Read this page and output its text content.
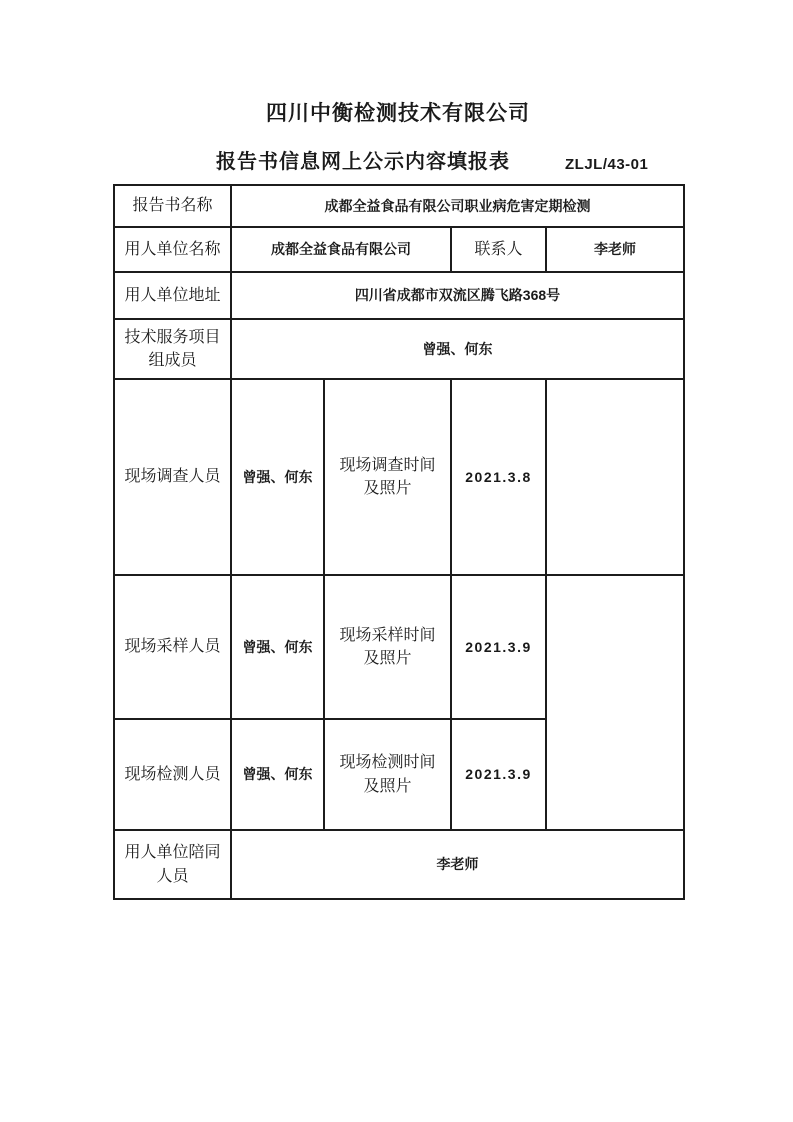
四川中衡检测技术有限公司
报告书信息网上公示内容填报表	ZLJL/43-01
报告书名称	成都全益食品有限公司职业病危害定期检测			
用人单位名称	成都全益食品有限公司		联系人	李老师
用人单位地址	四川省成都市双流区腾飞路368号			
技术服务项目组成员	曾强、何东			
现场调查人员	曾强、何东	现场调查时间及照片	2021.3.8	
现场采样人员	曾强、何东	现场采样时间及照片	2021.3.9	
现场检测人员	曾强、何东	现场检测时间及照片	2021.3.9	
用人单位陪同人员	李老师			
